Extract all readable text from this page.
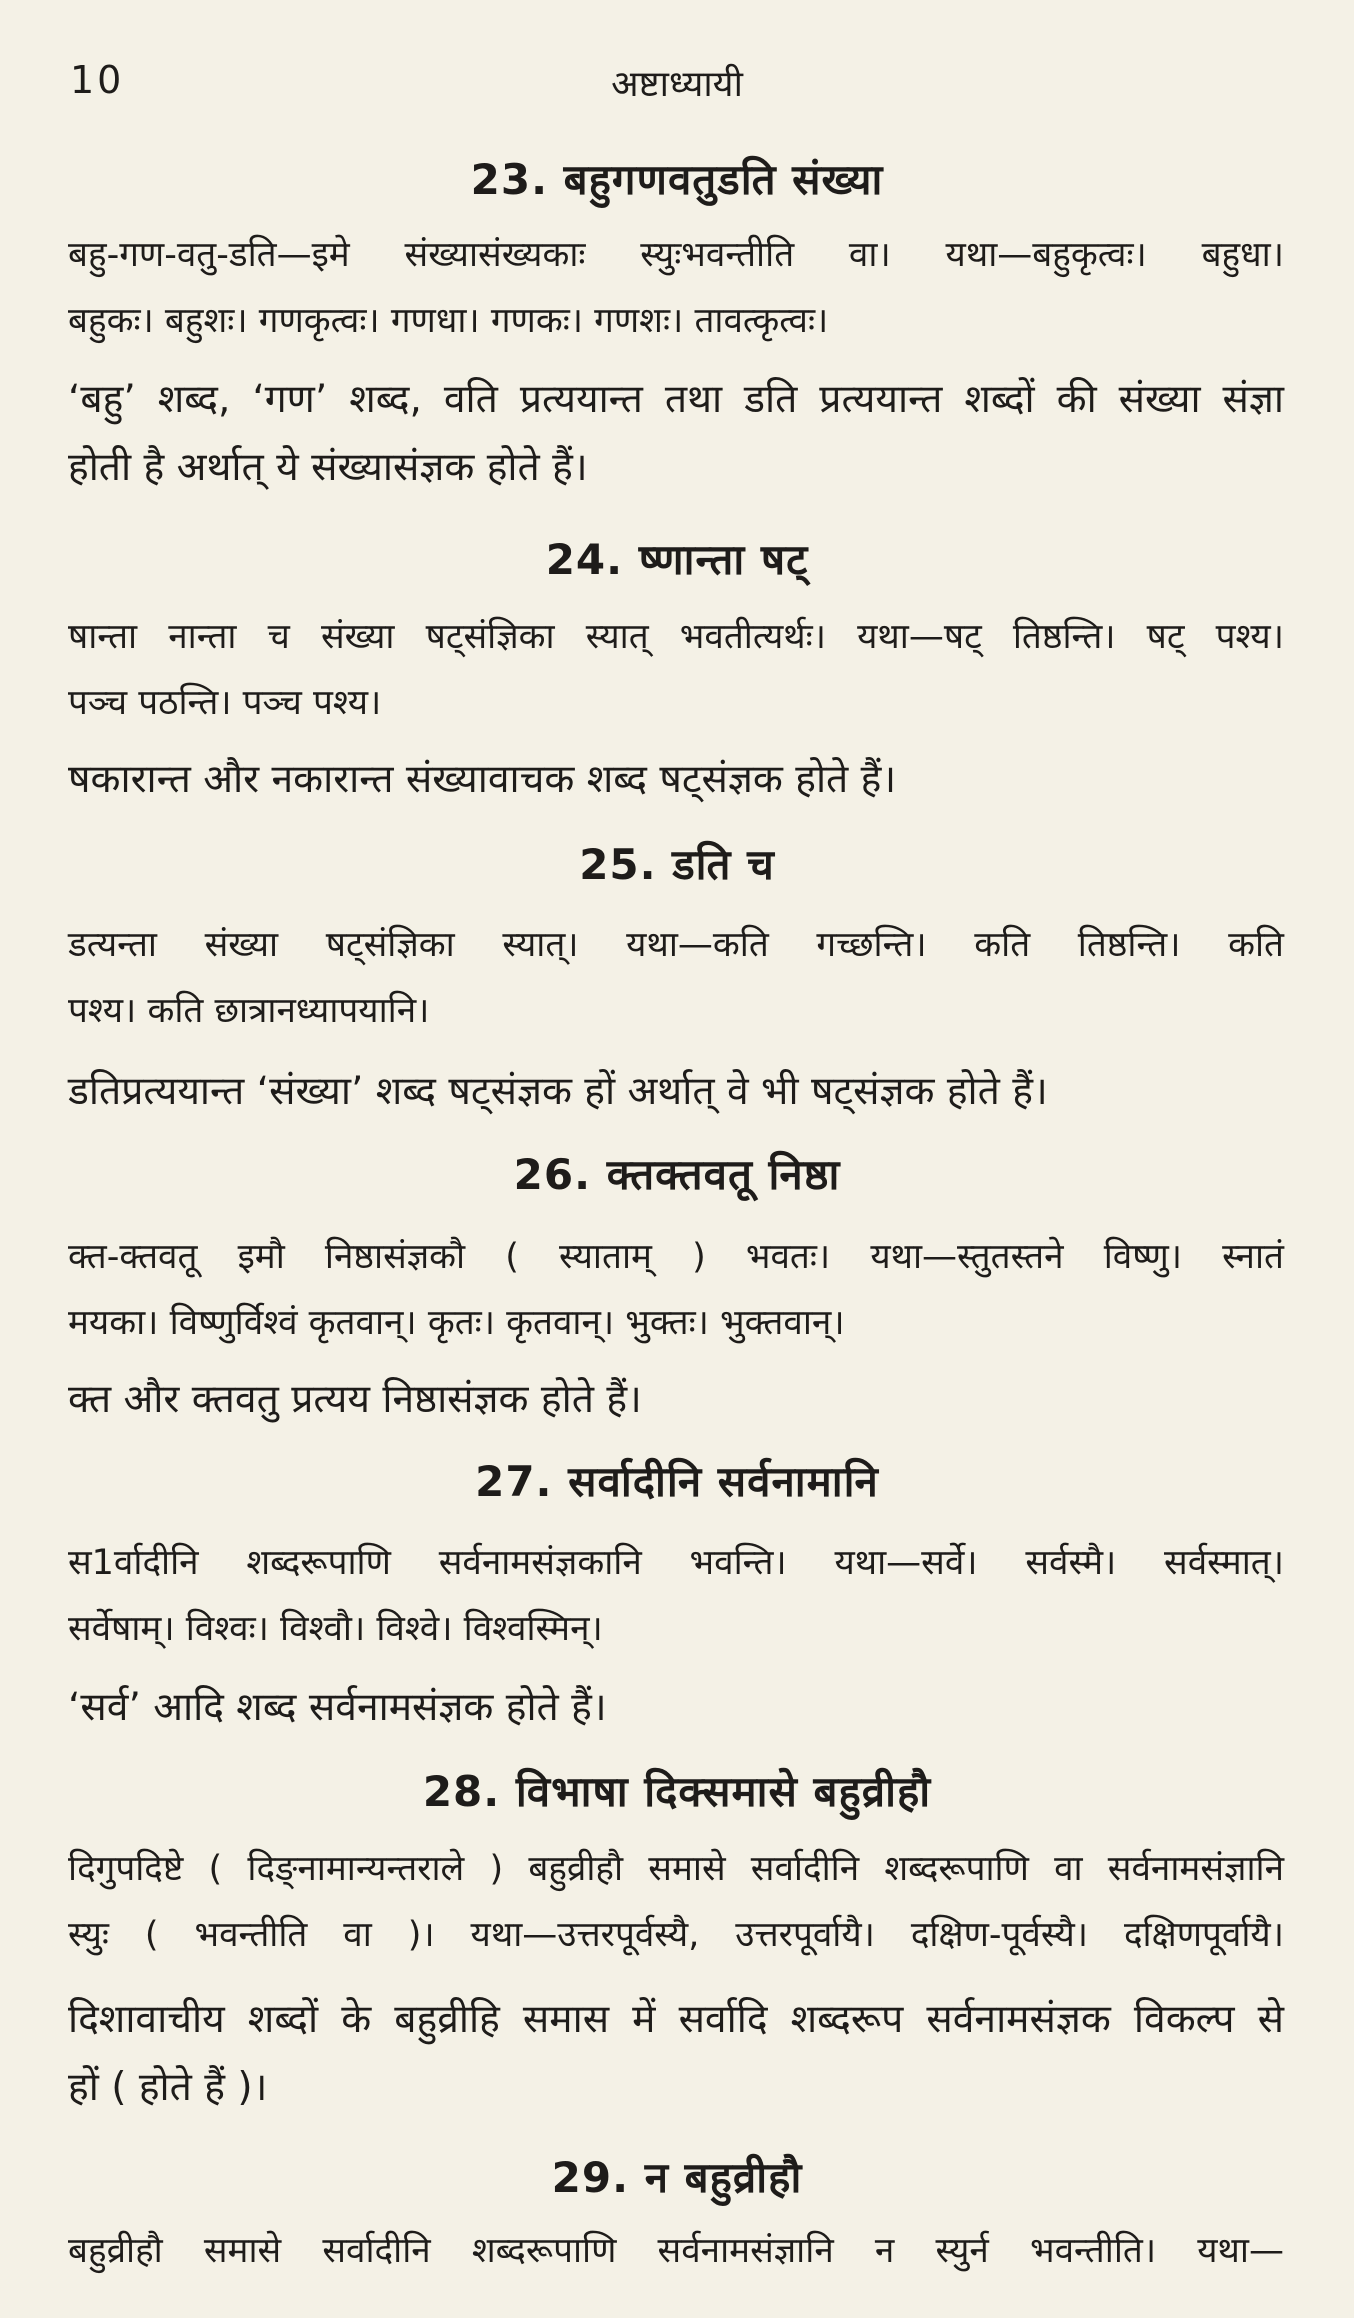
10	अष्टाध्यायी
23. बहुगणवतुडति संख्या
बहु-गण-वतु-डति—इमे संख्यासंख्यकाः स्युःभवन्तीति वा। यथा—बहुकृत्वः। बहुधा।
बहुकः। बहुशः। गणकृत्वः। गणधा। गणकः। गणशः। तावत्कृत्वः।
‘बहु’ शब्द, ‘गण’ शब्द, वति प्रत्ययान्त तथा डति प्रत्ययान्त शब्दों की संख्या संज्ञा
होती है अर्थात् ये संख्यासंज्ञक होते हैं।
24. ष्णान्ता षट्
षान्ता नान्ता च संख्या षट्संज्ञिका स्यात् भवतीत्यर्थः। यथा—षट् तिष्ठन्ति। षट् पश्य।
पञ्च पठन्ति। पञ्च पश्य।
षकारान्त और नकारान्त संख्यावाचक शब्द षट्संज्ञक होते हैं।
25. डति च
डत्यन्ता संख्या षट्संज्ञिका स्यात्। यथा—कति गच्छन्ति। कति तिष्ठन्ति। कति
पश्य। कति छात्रानध्यापयानि।
डतिप्रत्ययान्त ‘संख्या’ शब्द षट्संज्ञक हों अर्थात् वे भी षट्संज्ञक होते हैं।
26. क्तक्तवतू निष्ठा
क्त-क्तवतू इमौ निष्ठासंज्ञकौ ( स्याताम् ) भवतः। यथा—स्तुतस्तने विष्णु। स्नातं
मयका। विष्णुर्विश्वं कृतवान्। कृतः। कृतवान्। भुक्तः। भुक्तवान्।
क्त और क्तवतु प्रत्यय निष्ठासंज्ञक होते हैं।
27. सर्वादीनि सर्वनामानि
स1र्वादीनि शब्दरूपाणि सर्वनामसंज्ञकानि भवन्ति। यथा—सर्वे। सर्वस्मै। सर्वस्मात्।
सर्वेषाम्। विश्वः। विश्वौ। विश्वे। विश्वस्मिन्।
‘सर्व’ आदि शब्द सर्वनामसंज्ञक होते हैं।
28. विभाषा दिक्समासे बहुव्रीहौ
दिगुपदिष्टे ( दिङ्नामान्यन्तराले ) बहुव्रीहौ समासे सर्वादीनि शब्दरूपाणि वा सर्वनामसंज्ञानि
स्युः ( भवन्तीति वा )। यथा—उत्तरपूर्वस्यै, उत्तरपूर्वायै। दक्षिण-पूर्वस्यै। दक्षिणपूर्वायै।
दिशावाचीय शब्दों के बहुव्रीहि समास में सर्वादि शब्दरूप सर्वनामसंज्ञक विकल्प से
हों ( होते हैं )।
29. न बहुव्रीहौ
बहुव्रीहौ समासे सर्वादीनि शब्दरूपाणि सर्वनामसंज्ञानि न स्युर्न भवन्तीति। यथा—
